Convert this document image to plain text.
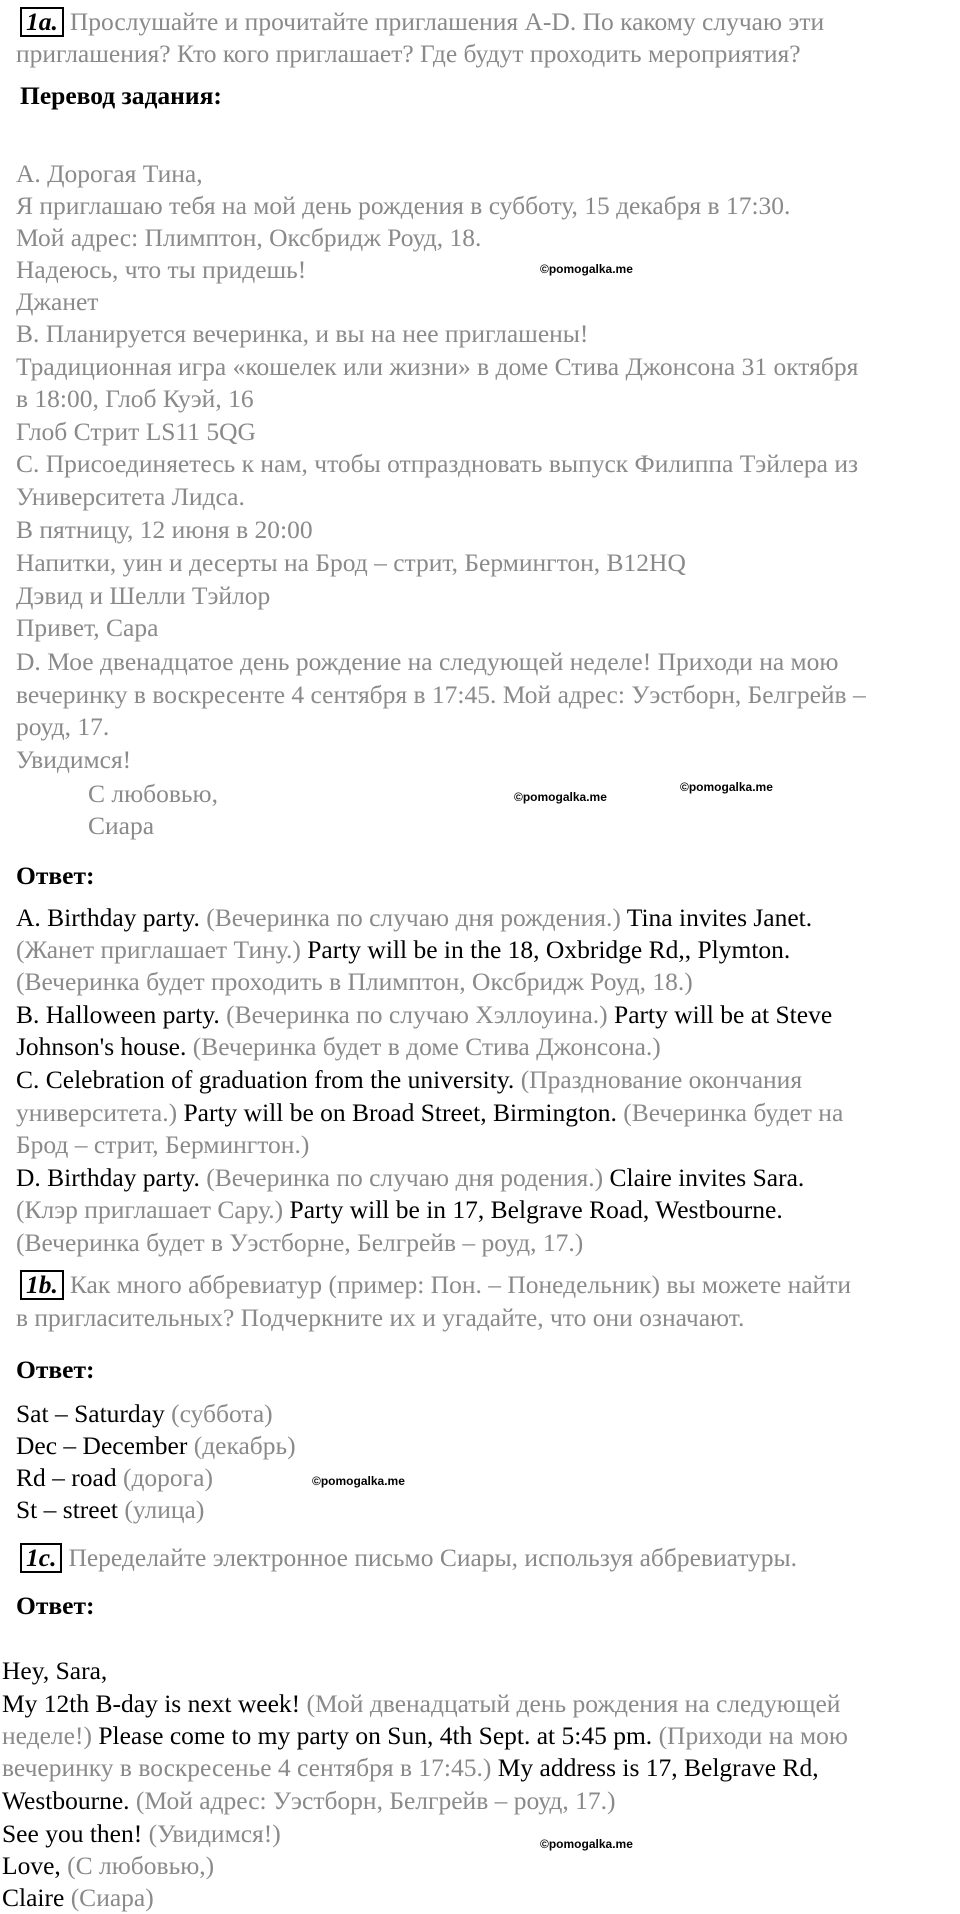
1a. Прослушайте и прочитайте приглашения A-D. По какому случаю эти
приглашения? Кто кого приглашает? Где будут проходить мероприятия?
Перевод задания:
A. Дорогая Тина,
Я приглашаю тебя на мой день рождения в субботу, 15 декабря в 17:30.
Мой адрес: Плимптон, Оксбридж Роуд, 18.
Надеюсь, что ты придешь!
Джанет
B. Планируется вечеринка, и вы на нее приглашены!
Традиционная игра «кошелек или жизни» в доме Стива Джонсона 31 октября
в 18:00, Глоб Куэй, 16
Глоб Стрит LS11 5QG
C. Присоединяетесь к нам, чтобы отпраздновать выпуск Филиппа Тэйлера из
Университета Лидса.
В пятницу, 12 июня в 20:00
Напитки, уин и десерты на Брод – стрит, Бермингтон, B12HQ
Дэвид и Шелли Тэйлор
Привет, Сара
D. Мое двенадцатое день рождение на следующей неделе! Приходи на мою
вечеринку в воскресенте 4 сентября в 17:45. Мой адрес: Уэстборн, Белгрейв –
роуд, 17.
Увидимся!
С любовью,
Сиара
Ответ:
A. Birthday party. (Вечеринка по случаю дня рождения.) Tina invites Janet.
(Жанет приглашает Тину.) Party will be in the 18, Oxbridge Rd,, Plymton.
(Вечеринка будет проходить в Плимптон, Оксбридж Роуд, 18.)
B. Halloween party. (Вечеринка по случаю Хэллоуина.) Party will be at Steve
Johnson's house. (Вечеринка будет в доме Стива Джонсона.)
C. Celebration of graduation from the university. (Празднование окончания
университета.) Party will be on Broad Street, Birmington. (Вечеринка будет на
Брод – стрит, Бермингтон.)
D. Birthday party. (Вечеринка по случаю дня родения.) Claire invites Sara.
(Клэр приглашает Сару.) Party will be in 17, Belgrave Road, Westbourne.
(Вечеринка будет в Уэстборне, Белгрейв – роуд, 17.)
1b. Как много аббревиатур (пример: Пон. – Понедельник) вы можете найти
в пригласительных? Подчеркните их и угадайте, что они означают.
Ответ:
Sat – Saturday (суббота)
Dec – December (декабрь)
Rd – road (дорога)
St – street (улица)
1c. Переделайте электронное письмо Сиары, используя аббревиатуры.
Ответ:
Hey, Sara,
My 12th B-day is next week! (Мой двенадцатый день рождения на следующей
неделе!) Please come to my party on Sun, 4th Sept. at 5:45 pm. (Приходи на мою
вечеринку в воскресенье 4 сентября в 17:45.) My address is 17, Belgrave Rd,
Westbourne. (Мой адрес: Уэстборн, Белгрейв – роуд, 17.)
See you then! (Увидимся!)
Love, (С любовью,)
Claire (Сиара)
©pomogalka.me
©pomogalka.me
©pomogalka.me
©pomogalka.me
©pomogalka.me
